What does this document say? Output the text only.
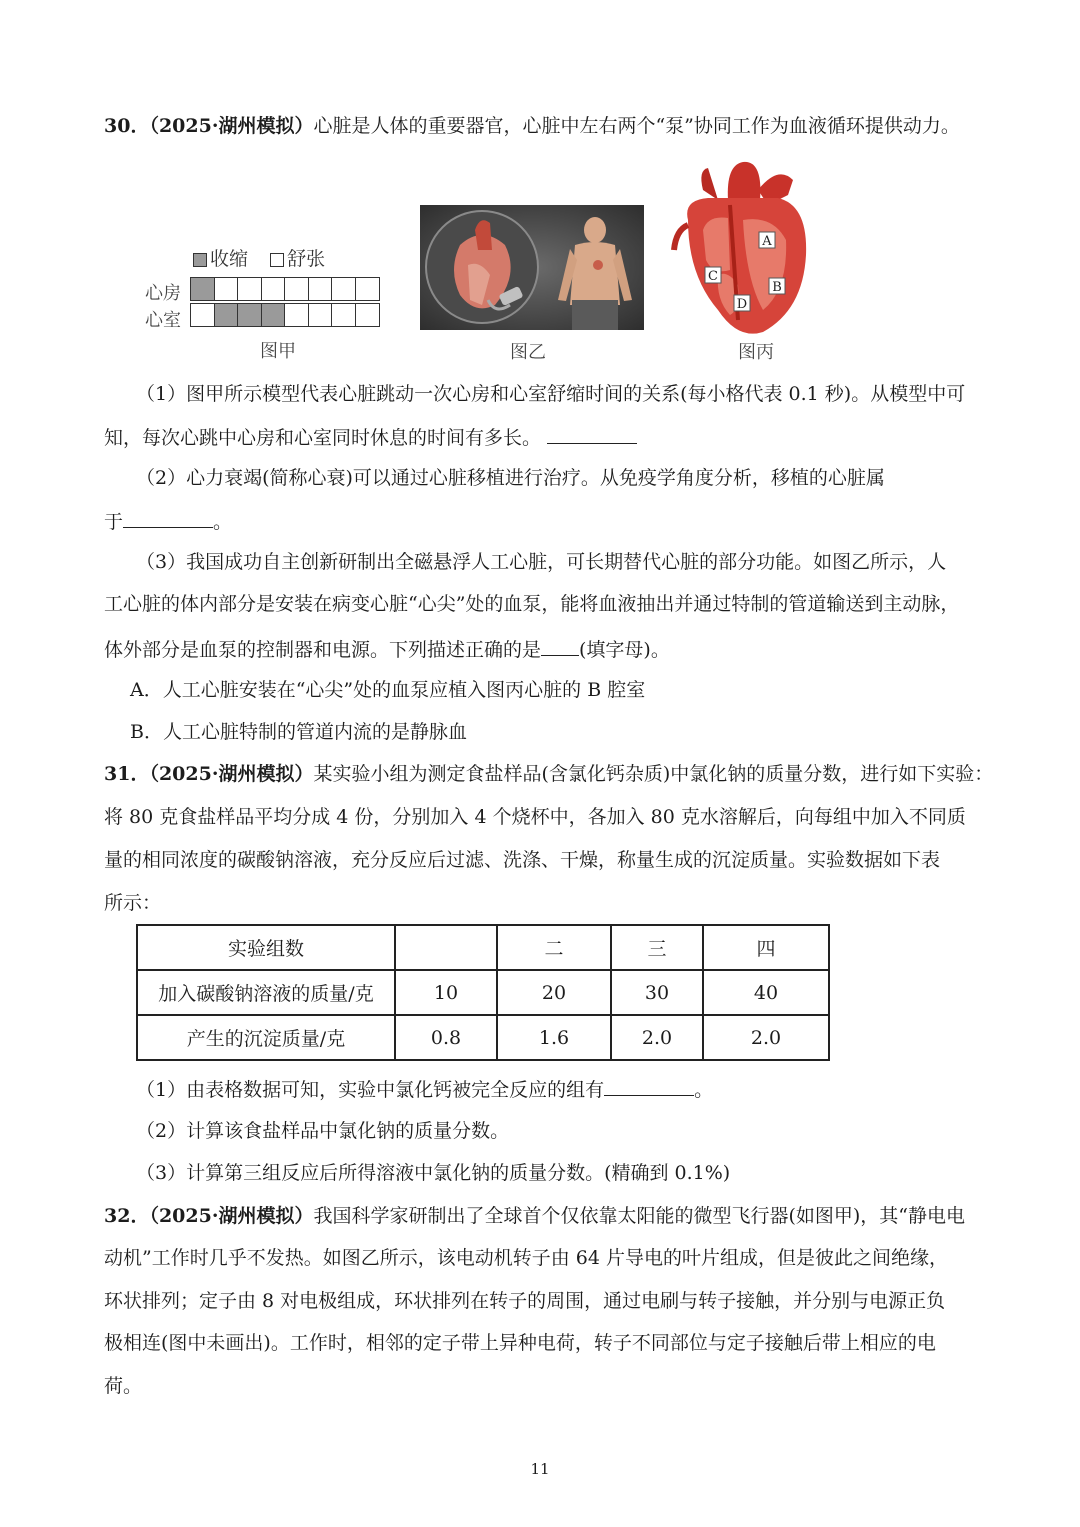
30．（2025·湖州模拟）心脏是人体的重要器官，心脏中左右两个“泵”协同工作为血液循环提供动力。
收缩 舒张
心房
心室
图甲	图乙
A
B
C
D
图丙
（1）图甲所示模型代表心脏跳动一次心房和心室舒缩时间的关系(每小格代表 0.1 秒)。从模型中可
知，每次心跳中心房和心室同时休息的时间有多长。
（2）心力衰竭(简称心衰)可以通过心脏移植进行治疗。从免疫学角度分析，移植的心脏属
于	。
（3）我国成功自主创新研制出全磁悬浮人工心脏，可长期替代心脏的部分功能。如图乙所示，人
工心脏的体内部分是安装在病变心脏“心尖”处的血泵，能将血液抽出并通过特制的管道输送到主动脉，
体外部分是血泵的控制器和电源。下列描述正确的是 (填字母)。
A．人工心脏安装在“心尖”处的血泵应植入图丙心脏的 B 腔室
B．人工心脏特制的管道内流的是静脉血
31．（2025·湖州模拟）某实验小组为测定食盐样品(含氯化钙杂质)中氯化钠的质量分数，进行如下实验：
将 80 克食盐样品平均分成 4 份，分别加入 4 个烧杯中，各加入 80 克水溶解后，向每组中加入不同质
量的相同浓度的碳酸钠溶液，充分反应后过滤、洗涤、干燥，称量生成的沉淀质量。实验数据如下表
所示：
实验组数		二	三	四
加入碳酸钠溶液的质量/克	10	20	30	40
产生的沉淀质量/克	0.8	1.6	2.0	2.0
（1）由表格数据可知，实验中氯化钙被完全反应的组有	。
（2）计算该食盐样品中氯化钠的质量分数。
（3）计算第三组反应后所得溶液中氯化钠的质量分数。(精确到 0.1%)
32．（2025·湖州模拟）我国科学家研制出了全球首个仅依靠太阳能的微型飞行器(如图甲)，其“静电电
动机”工作时几乎不发热。如图乙所示，该电动机转子由 64 片导电的叶片组成，但是彼此之间绝缘，
环状排列；定子由 8 对电极组成，环状排列在转子的周围，通过电刷与转子接触，并分别与电源正负
极相连(图中未画出)。工作时，相邻的定子带上异种电荷，转子不同部位与定子接触后带上相应的电
荷。
11
